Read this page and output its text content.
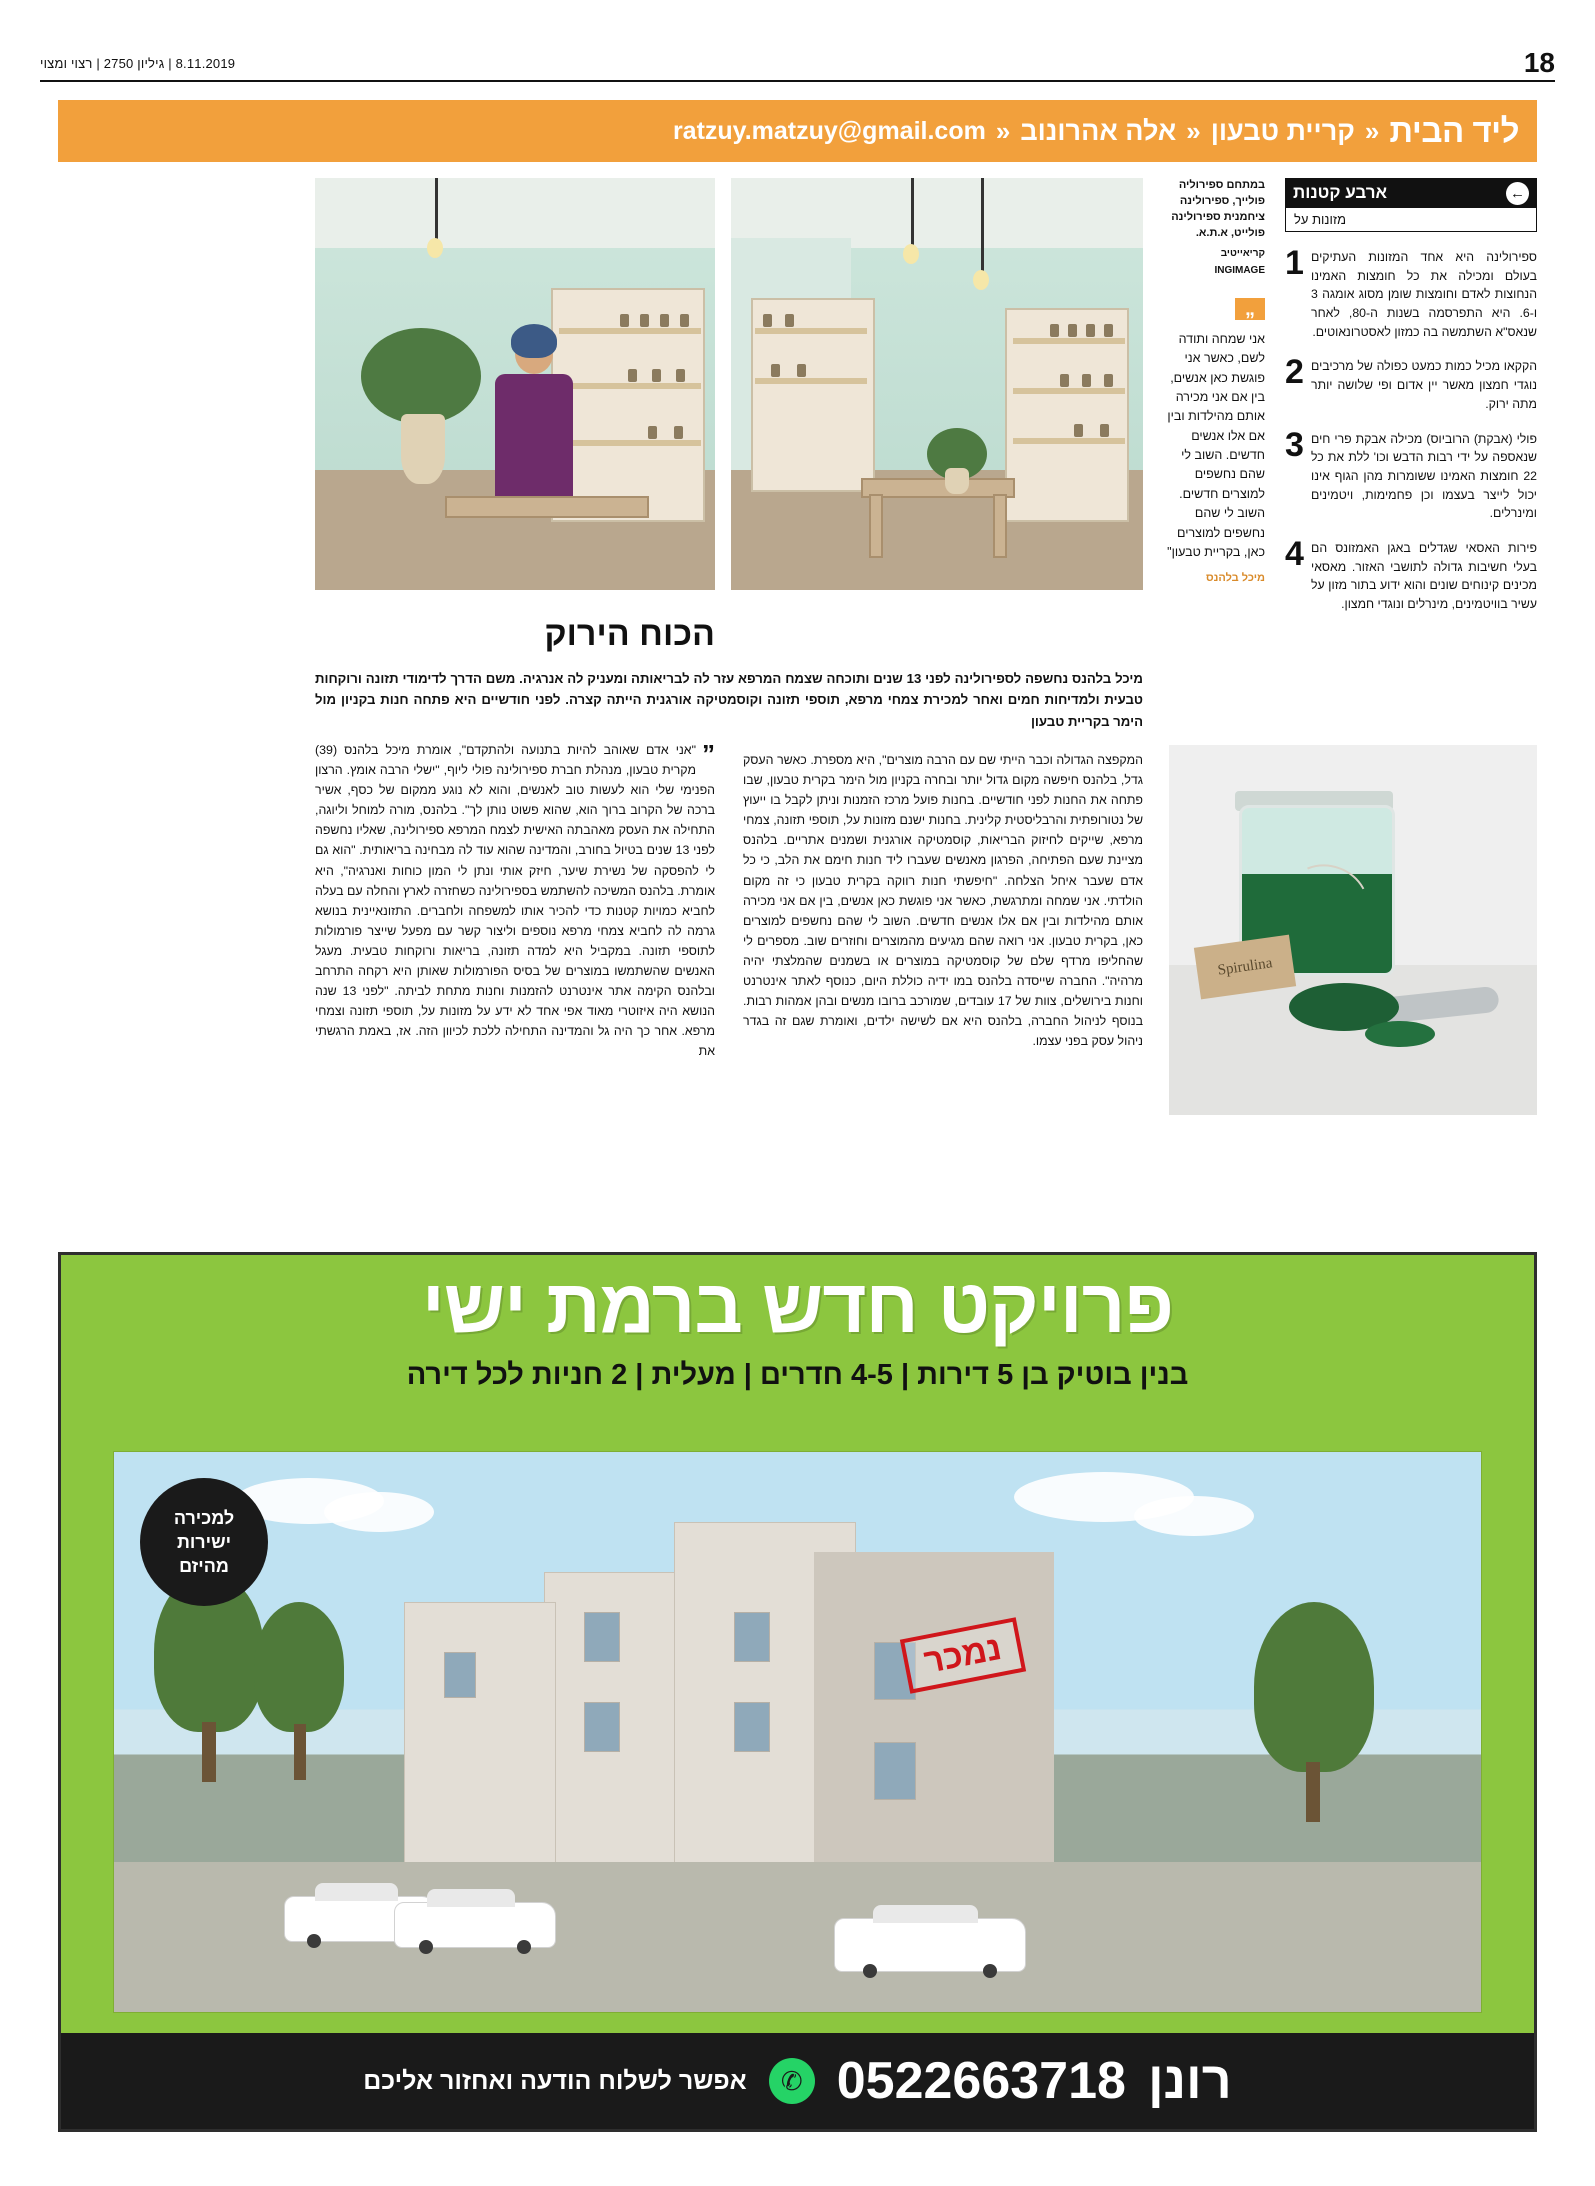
18
8.11.2019 | גיליון 2750 | רצוי ומצוי
ליד הבית
«
קריית טבעון
«
אלה אהרונוב
«
ratzuy.matzuy@gmail.com
←
ארבע קטנות
מזונות על
1 ספירולינה היא אחד המזונות העתיקים בעולם ומכילה את כל חומצות האמינו הנחוצות לאדם וחומצות שומן מסוג אומגה 3 ו-6. היא התפרסמה בשנות ה-80, לאחר שנאס"א השתמשה בה כמזון לאסטרונאוטים.
2 הקקאו מכיל כמות כמעט כפולה של מרכיבים נוגדי חמצון מאשר יין אדום ופי שלושה יותר מתה ירוק.
3 פולי (אבקת) הרוביוס) מכילה אבקת פרי חים שנאספה על ידי רבות הדבש וכו' ללת את כל 22 חומצות האמינו ששומרות מהן הגוף אינו יכול לייצר בעצמו וכן פחמימות, ויטמינים ומינרלים.
4 פירות האסאי שגדלים באגן האמזונס הם בעלי חשיבות גדולה לתושבי האזור. מאסאי מכינים קינוחים שונים והוא ידוע בתור מזון על עשיר בוויטמינים, מינרלים ונוגדי חמצון.
במתחם ספירוליה פולייך, ספירולינה ציחמנית ספירולינה פולייט, א.ת.א.
קריאייטיב
INGIMAGE
„
אני שמחה ותודה לשם, כאשר אני פוגשת כאן אנשים, בין אם אני מכירה אותם מהילדות ובין אם אלו אנשים חדשים. השוב לי שהם נחשפים למוצרים חדשים. השוב לי שהם נחשפים למוצרים כאן, בקריית טבעון"
מיכל בלהנס
הכוח הירוק
מיכל בלהנס נחשפה לספירולינה לפני 13 שנים ותוכחה שצמח המרפא עזר לה לבריאותה ומעניק לה אנרגיה. משם הדרך לדימודי תזונה ורוקחות טבעית ולמדיחות חמים ואחר למכירת צמחי מרפא, תוספי תזונה וקוסמטיקה אורגנית הייתה קצרה. לפני חודשיים היא פתחה חנות בקניון מול הימר בקריית טבעון
”
"אני אדם שאוהב להיות בתנועה ולהתקדם", אומרת מיכל בלהנס (39) מקרית טבעון, מנהלת חברת ספירולינה פולי ליוף, "ישלי הרבה אומץ. הרצון הפנימי שלי הוא לעשות טוב לאנשים, והוא לא נוגע ממקום של כסף, אשיר ברכה של הקרוב ברוך הוא, שהוא פשוט נותן לך". בלהנס, מורה למוחל וליוגה, התחילה את העסק מאהבתה האישית לצמח המרפא ספירולינה, שאליו נחשפה לפני 13 שנים בטיול בחורב, והמדינה שהוא עוד לה מבחינה בריאותית. "הוא גם לי להפסקה של נשירת שיער, חיזק אותי ונתן לי המון כוחות ואנרגיה", היא אומרת. בלהנס המשיכה להשתמש בספירולינה כשחזרה לארץ והחלה עם בעלה לחביא כמויות קטנות כדי להכיר אותו למשפחה ולחברים. התזונאיינית בנושא גרמה לה לחביא צמחי מרפא נוספים וליצור קשר עם מפעל שייצר פורמולות לתוספי תזונה. במקביל היא למדה תזונה, בריאות ורוקחות טבעית. מעגל האנשים שהשתמשו במוצרים של בסיס הפורמולות שאותן היא רקחה התרחב ובלהנס הקימה אתר אינטרנט להזמנות וחנות מתחת לביתה. "לפני 13 שנה הנושא היה איזוטרי מאוד אפי אחד לא ידע על מזונות על, תוספי תזונה וצמחי מרפא. אחר כך היה גל והמדינה התחילה ללכת לכיוון הזה. אז, באמת הרגשתי את
המקפצה הגדולה וכבר הייתי שם עם הרבה מוצרים", היא מספרת. כאשר העסק גדל, בלהנס חיפשה מקום גדול יותר ובחרה בקניון מול הימר בקרית טבעון, שבו פתחה את החנות לפני חודשיים. בחנות פועל מרכז הזמנות וניתן לקבל בו ייעוץ של נטורופתית והרבליסטית קלינית. בחנות ישנם מזונות על, תוספי תזונה, צמחי מרפא, שייקים לחיזוק הבריאות, קוסמטיקה אורגנית ושמנים אתריים. בלהנס מציינת שעם הפתיחה, הפרגון מאנשים שעברו ליד חנות חימם את הלב, כי כל אדם שעבר איחל הצלחה. "חיפשתי חנות רווקה בקרית טבעון כי זה מקום הולדתי. אני שמחה ומתרגשת, כאשר אני פוגשת כאן אנשים, בין אם אני מכירה אותם מהילדות ובין אם אלו אנשים חדשים. השוב לי שהם נחשפים למוצרים כאן, בקרית טבעון. אני רואה שהם מגיעים מהמוצרים וחוזרים שוב. מספרים לי שהחליפו מרדף שלם של קוסמטיקה במוצרים או בשמנים שהמלצתי יהיה מרהיה". החברה שייסדה בלהנס במו ידיה כוללת היום, כנוסף לאתר אינטרנט וחנות בירושלים, צוות של 17 עובדים, שמורכב ברובו מנשים ובהן אמהות רבות. בנוסף לניהול החברה, בלהנס היא אם לשישה ילדים, ואומרת שגם זה בגדר ניהול עסק בפני עצמו.
Spirulina
פרויקט חדש ברמת ישי
בנין בוטיק בן 5 דירות | 4-5 חדרים | מעלית | 2 חניות לכל דירה
נמכר
למכירה
ישירות
מהיזם
רונן
0522663718
✆
אפשר לשלוח הודעה ואחזור אליכם
